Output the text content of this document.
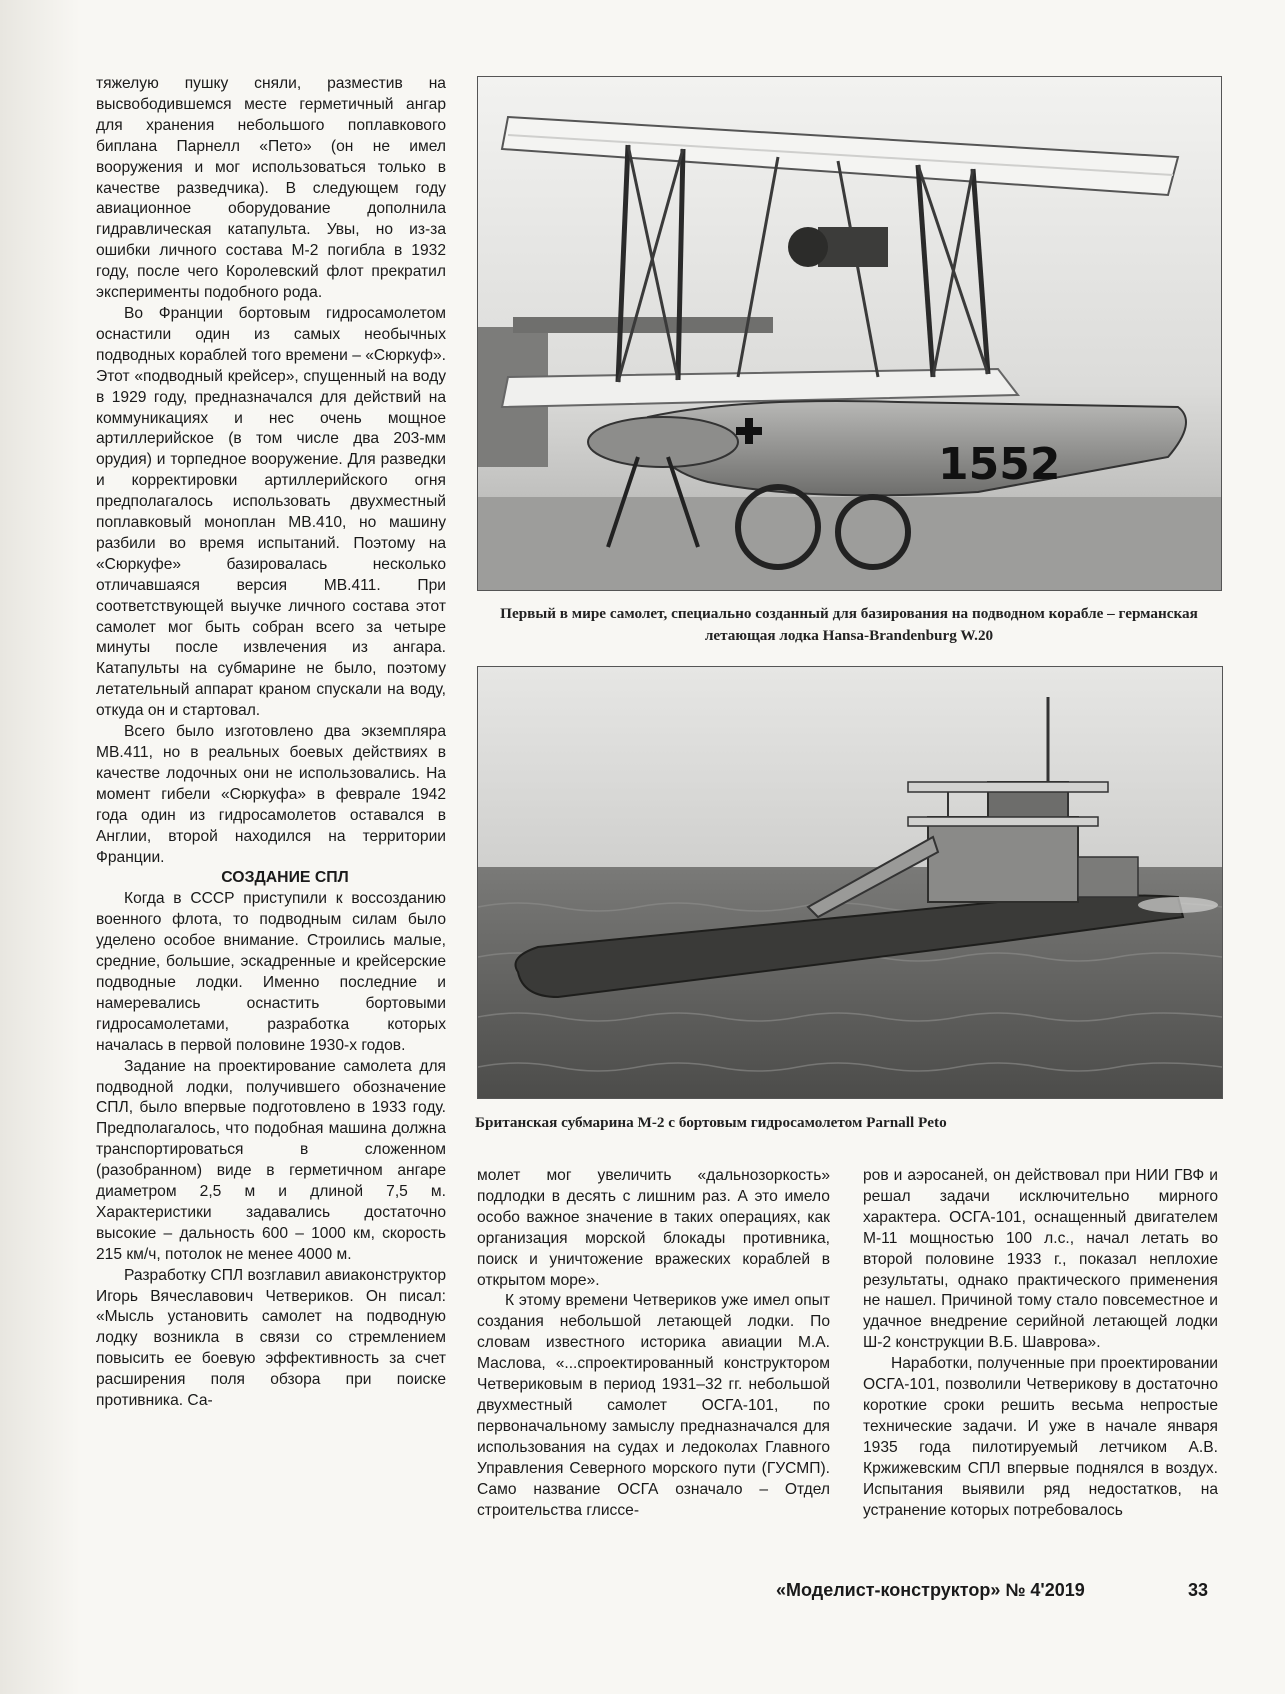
тяжелую пушку сняли, разместив на высвободившемся месте герметичный ангар для хранения небольшого поплавкового биплана Парнелл «Пето» (он не имел вооружения и мог использоваться только в качестве разведчика). В следующем году авиационное оборудование дополнила гидравлическая катапульта. Увы, но из-за ошибки личного состава М-2 погибла в 1932 году, после чего Королевский флот прекратил эксперименты подобного рода.

Во Франции бортовым гидросамолетом оснастили один из самых необычных подводных кораблей того времени – «Сюркуф». Этот «подводный крейсер», спущенный на воду в 1929 году, предназначался для действий на коммуникациях и нес очень мощное артиллерийское (в том числе два 203-мм орудия) и торпедное вооружение. Для разведки и корректировки артиллерийского огня предполагалось использовать двухместный поплавковый моноплан MB.410, но машину разбили во время испытаний. Поэтому на «Сюркуфе» базировалась несколько отличавшаяся версия MB.411. При соответствующей выучке личного состава этот самолет мог быть собран всего за четыре минуты после извлечения из ангара. Катапульты на субмарине не было, поэтому летательный аппарат краном спускали на воду, откуда он и стартовал.

Всего было изготовлено два экземпляра MB.411, но в реальных боевых действиях в качестве лодочных они не использовались. На момент гибели «Сюркуфа» в феврале 1942 года один из гидросамолетов оставался в Англии, второй находился на территории Франции.

СОЗДАНИЕ СПЛ

Когда в СССР приступили к воссозданию военного флота, то подводным силам было уделено особое внимание. Строились малые, средние, большие, эскадренные и крейсерские подводные лодки. Именно последние и намеревались оснастить бортовыми гидросамолетами, разработка которых началась в первой половине 1930-х годов.

Задание на проектирование самолета для подводной лодки, получившего обозначение СПЛ, было впервые подготовлено в 1933 году. Предполагалось, что подобная машина должна транспортироваться в сложенном (разобранном) виде в герметичном ангаре диаметром 2,5 м и длиной 7,5 м. Характеристики задавались достаточно высокие – дальность 600 – 1000 км, скорость 215 км/ч, потолок не менее 4000 м.

Разработку СПЛ возглавил авиаконструктор Игорь Вячеславович Четвериков. Он писал: «Мысль установить самолет на подводную лодку возникла в связи со стремлением повысить ее боевую эффективность за счет расширения поля обзора при поиске противника. Са-

1552
Первый в мире самолет, специально созданный для базирования на подводном корабле – германская летающая лодка Hansa-Brandenburg W.20
Британская субмарина М-2 с бортовым гидросамолетом Parnall Peto

молет мог увеличить «дальнозоркость» подлодки в десять с лишним раз. А это имело особо важное значение в таких операциях, как организация морской блокады противника, поиск и уничтожение вражеских кораблей в открытом море».

К этому времени Четвериков уже имел опыт создания небольшой летающей лодки. По словам известного историка авиации М.А. Маслова, «...спроектированный конструктором Четвериковым в период 1931–32 гг. небольшой двухместный самолет ОСГА-101, по первоначальному замыслу предназначался для использования на судах и ледоколах Главного Управления Северного морского пути (ГУСМП). Само название ОСГА означало – Отдел строительства глиссе-

ров и аэросаней, он действовал при НИИ ГВФ и решал задачи исключительно мирного характера. ОСГА-101, оснащенный двигателем М-11 мощностью 100 л.с., начал летать во второй половине 1933 г., показал неплохие результаты, однако практического применения не нашел. Причиной тому стало повсеместное и удачное внедрение серийной летающей лодки Ш-2 конструкции В.Б. Шаврова».

Наработки, полученные при проектировании ОСГА-101, позволили Четверикову в достаточно короткие сроки решить весьма непростые технические задачи. И уже в начале января 1935 года пилотируемый летчиком А.В. Кржижевским СПЛ впервые поднялся в воздух. Испытания выявили ряд недостатков, на устранение которых потребовалось

«Моделист-конструктор» № 4'2019	33
